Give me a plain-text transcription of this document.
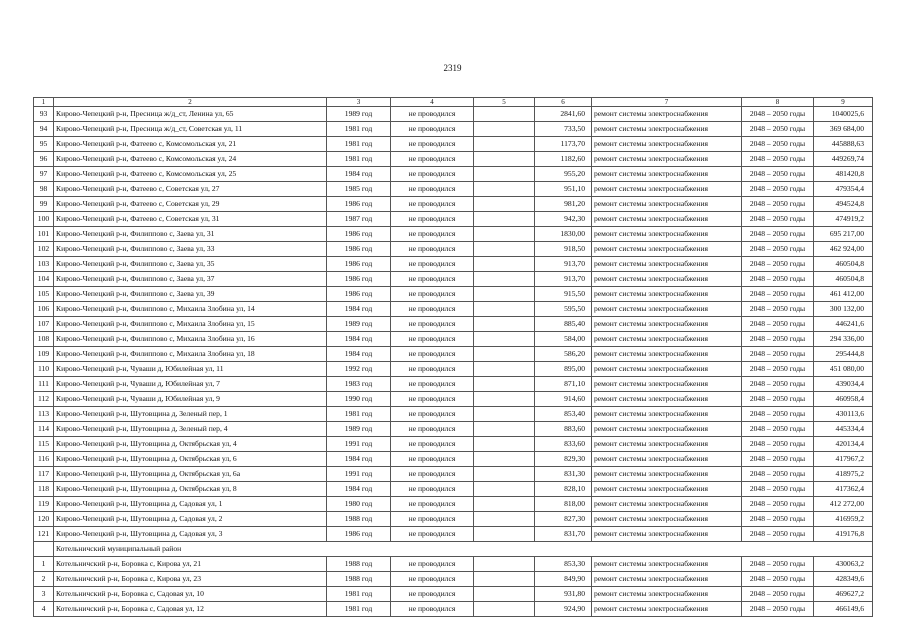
2319
1	2	3	4	5	6	7	8	9
93	Кирово-Чепецкий р-н, Пресница ж/д_ст, Ленина ул, 65	1989 год	не проводился		2841,60	ремонт системы электроснабжения	2048 – 2050 годы	1040025,6
94	Кирово-Чепецкий р-н, Пресница ж/д_ст, Советская ул, 11	1981 год	не проводился		733,50	ремонт системы электроснабжения	2048 – 2050 годы	369 684,00
95	Кирово-Чепецкий р-н, Фатеево с, Комсомольская ул, 21	1981 год	не проводился		1173,70	ремонт системы электроснабжения	2048 – 2050 годы	445888,63
96	Кирово-Чепецкий р-н, Фатеево с, Комсомольская ул, 24	1981 год	не проводился		1182,60	ремонт системы электроснабжения	2048 – 2050 годы	449269,74
97	Кирово-Чепецкий р-н, Фатеево с, Комсомольская ул, 25	1984 год	не проводился		955,20	ремонт системы электроснабжения	2048 – 2050 годы	481420,8
98	Кирово-Чепецкий р-н, Фатеево с, Советская ул, 27	1985 год	не проводился		951,10	ремонт системы электроснабжения	2048 – 2050 годы	479354,4
99	Кирово-Чепецкий р-н, Фатеево с, Советская ул, 29	1986 год	не проводился		981,20	ремонт системы электроснабжения	2048 – 2050 годы	494524,8
100	Кирово-Чепецкий р-н, Фатеево с, Советская ул, 31	1987 год	не проводился		942,30	ремонт системы электроснабжения	2048 – 2050 годы	474919,2
101	Кирово-Чепецкий р-н, Филиппово с, Заева ул, 31	1986 год	не проводился		1830,00	ремонт системы электроснабжения	2048 – 2050 годы	695 217,00
102	Кирово-Чепецкий р-н, Филиппово с, Заева ул, 33	1986 год	не проводился		918,50	ремонт системы электроснабжения	2048 – 2050 годы	462 924,00
103	Кирово-Чепецкий р-н, Филиппово с, Заева ул, 35	1986 год	не проводился		913,70	ремонт системы электроснабжения	2048 – 2050 годы	460504,8
104	Кирово-Чепецкий р-н, Филиппово с, Заева ул, 37	1986 год	не проводился		913,70	ремонт системы электроснабжения	2048 – 2050 годы	460504,8
105	Кирово-Чепецкий р-н, Филиппово с, Заева ул, 39	1986 год	не проводился		915,50	ремонт системы электроснабжения	2048 – 2050 годы	461 412,00
106	Кирово-Чепецкий р-н, Филиппово с, Михаила Злобина ул, 14	1984 год	не проводился		595,50	ремонт системы электроснабжения	2048 – 2050 годы	300 132,00
107	Кирово-Чепецкий р-н, Филиппово с, Михаила Злобина ул, 15	1989 год	не проводился		885,40	ремонт системы электроснабжения	2048 – 2050 годы	446241,6
108	Кирово-Чепецкий р-н, Филиппово с, Михаила Злобина ул, 16	1984 год	не проводился		584,00	ремонт системы электроснабжения	2048 – 2050 годы	294 336,00
109	Кирово-Чепецкий р-н, Филиппово с, Михаила Злобина ул, 18	1984 год	не проводился		586,20	ремонт системы электроснабжения	2048 – 2050 годы	295444,8
110	Кирово-Чепецкий р-н, Чуваши д, Юбилейная ул, 11	1992 год	не проводился		895,00	ремонт системы электроснабжения	2048 – 2050 годы	451 080,00
111	Кирово-Чепецкий р-н, Чуваши д, Юбилейная ул, 7	1983 год	не проводился		871,10	ремонт системы электроснабжения	2048 – 2050 годы	439034,4
112	Кирово-Чепецкий р-н, Чуваши д, Юбилейная ул, 9	1990 год	не проводился		914,60	ремонт системы электроснабжения	2048 – 2050 годы	460958,4
113	Кирово-Чепецкий р-н, Шутовщина д, Зеленый пер, 1	1981 год	не проводился		853,40	ремонт системы электроснабжения	2048 – 2050 годы	430113,6
114	Кирово-Чепецкий р-н, Шутовщина д, Зеленый пер, 4	1989 год	не проводился		883,60	ремонт системы электроснабжения	2048 – 2050 годы	445334,4
115	Кирово-Чепецкий р-н, Шутовщина д, Октябрьская ул, 4	1991 год	не проводился		833,60	ремонт системы электроснабжения	2048 – 2050 годы	420134,4
116	Кирово-Чепецкий р-н, Шутовщина д, Октябрьская ул, 6	1984 год	не проводился		829,30	ремонт системы электроснабжения	2048 – 2050 годы	417967,2
117	Кирово-Чепецкий р-н, Шутовщина д, Октябрьская ул, 6а	1991 год	не проводился		831,30	ремонт системы электроснабжения	2048 – 2050 годы	418975,2
118	Кирово-Чепецкий р-н, Шутовщина д, Октябрьская ул, 8	1984 год	не проводился		828,10	ремонт системы электроснабжения	2048 – 2050 годы	417362,4
119	Кирово-Чепецкий р-н, Шутовщина д, Садовая ул, 1	1980 год	не проводился		818,00	ремонт системы электроснабжения	2048 – 2050 годы	412 272,00
120	Кирово-Чепецкий р-н, Шутовщина д, Садовая ул, 2	1988 год	не проводился		827,30	ремонт системы электроснабжения	2048 – 2050 годы	416959,2
121	Кирово-Чепецкий р-н, Шутовщина д, Садовая ул, 3	1986 год	не проводился		831,70	ремонт системы электроснабжения	2048 – 2050 годы	419176,8
	Котельничский муниципальный район							
1	Котельничский р-н, Боровка с, Кирова ул, 21	1988 год	не проводился		853,30	ремонт системы электроснабжения	2048 – 2050 годы	430063,2
2	Котельничский р-н, Боровка с, Кирова ул, 23	1988 год	не проводился		849,90	ремонт системы электроснабжения	2048 – 2050 годы	428349,6
3	Котельничский р-н, Боровка с, Садовая ул, 10	1981 год	не проводился		931,80	ремонт системы электроснабжения	2048 – 2050 годы	469627,2
4	Котельничский р-н, Боровка с, Садовая ул, 12	1981 год	не проводился		924,90	ремонт системы электроснабжения	2048 – 2050 годы	466149,6
